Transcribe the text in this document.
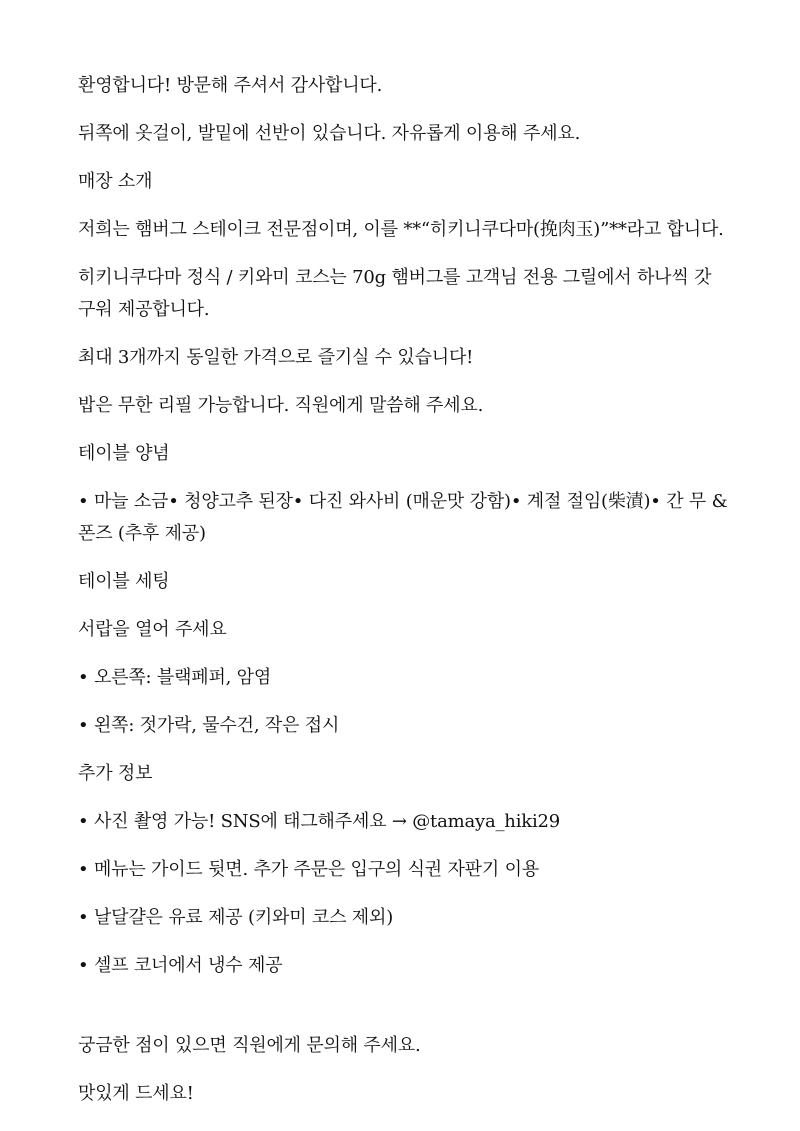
환영합니다! 방문해 주셔서 감사합니다.

뒤쪽에 옷걸이, 발밑에 선반이 있습니다. 자유롭게 이용해 주세요.

매장 소개

저희는 햄버그 스테이크 전문점이며, 이를 **“히키니쿠다마(挽肉玉)”**라고 합니다.

히키니쿠다마 정식 / 키와미 코스는 70g 햄버그를 고객님 전용 그릴에서 하나씩 갓 구워 제공합니다.

최대 3개까지 동일한 가격으로 즐기실 수 있습니다!

밥은 무한 리필 가능합니다. 직원에게 말씀해 주세요.

테이블 양념

• 마늘 소금• 청양고추 된장• 다진 와사비 (매운맛 강함)• 계절 절임(柴漬)• 간 무 & 폰즈 (추후 제공)

테이블 세팅

서랍을 열어 주세요

• 오른쪽: 블랙페퍼, 암염

• 왼쪽: 젓가락, 물수건, 작은 접시

추가 정보

• 사진 촬영 가능! SNS에 태그해주세요 → @tamaya_hiki29

• 메뉴는 가이드 뒷면. 추가 주문은 입구의 식권 자판기 이용

• 날달걀은 유료 제공 (키와미 코스 제외)

• 셀프 코너에서 냉수 제공

궁금한 점이 있으면 직원에게 문의해 주세요.

맛있게 드세요!
